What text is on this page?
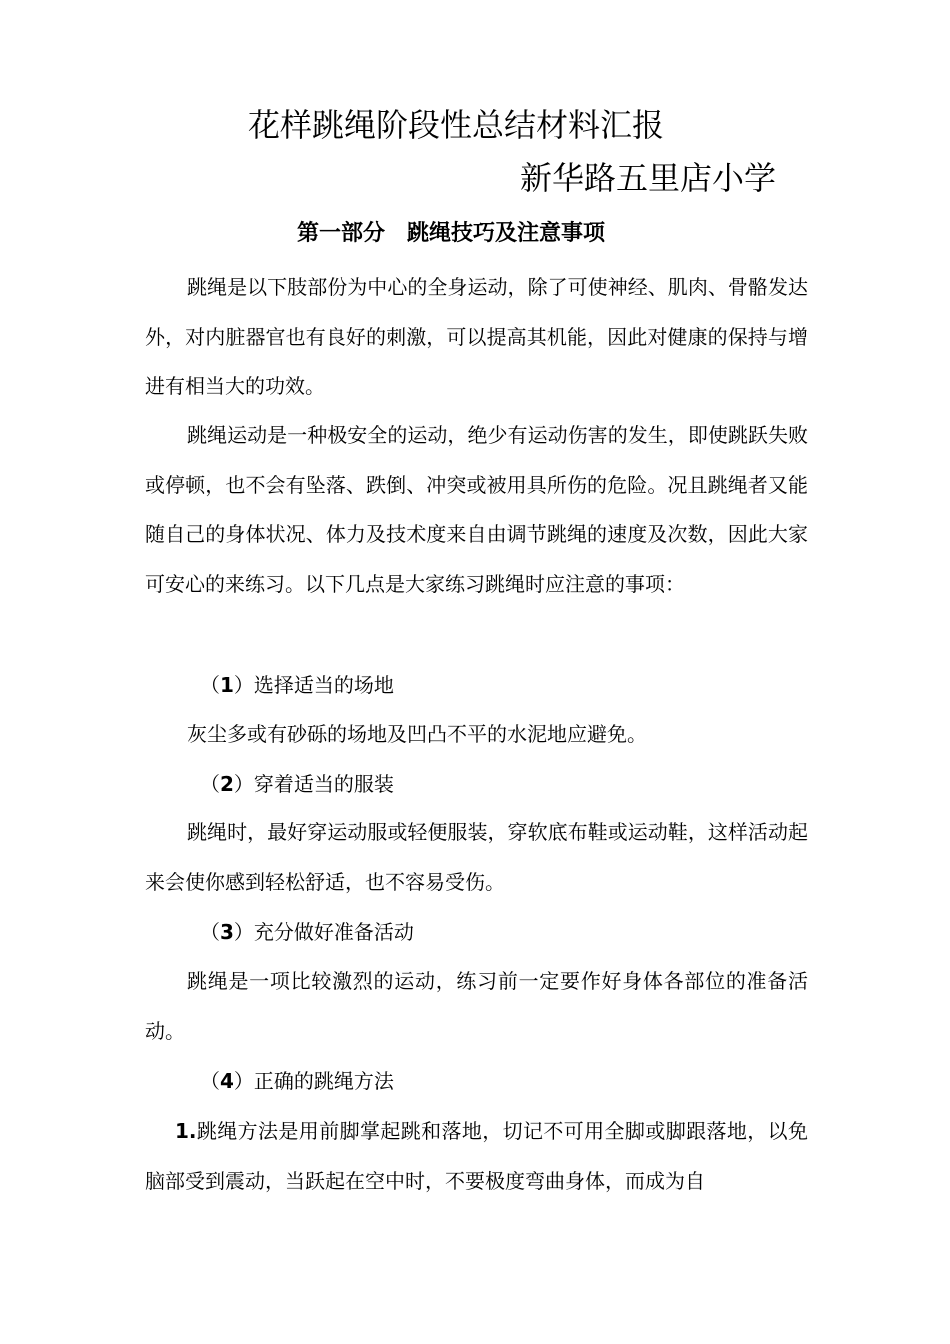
花样跳绳阶段性总结材料汇报
新华路五里店小学
第一部分 跳绳技巧及注意事项

跳绳是以下肢部份为中心的全身运动，除了可使神经、肌肉、骨骼发达外，对内脏器官也有良好的刺激，可以提高其机能，因此对健康的保持与增进有相当大的功效。

跳绳运动是一种极安全的运动，绝少有运动伤害的发生，即使跳跃失败或停顿，也不会有坠落、跌倒、冲突或被用具所伤的危险。况且跳绳者又能随自己的身体状况、体力及技术度来自由调节跳绳的速度及次数，因此大家可安心的来练习。以下几点是大家练习跳绳时应注意的事项：

（1）选择适当的场地
灰尘多或有砂砾的场地及凹凸不平的水泥地应避免。
（2）穿着适当的服装

跳绳时，最好穿运动服或轻便服装，穿软底布鞋或运动鞋，这样活动起来会使你感到轻松舒适，也不容易受伤。

（3）充分做好准备活动

跳绳是一项比较激烈的运动，练习前一定要作好身体各部位的准备活动。

（4）正确的跳绳方法

1.跳绳方法是用前脚掌起跳和落地，切记不可用全脚或脚跟落地，以免脑部受到震动，当跃起在空中时，不要极度弯曲身体，而成为自
